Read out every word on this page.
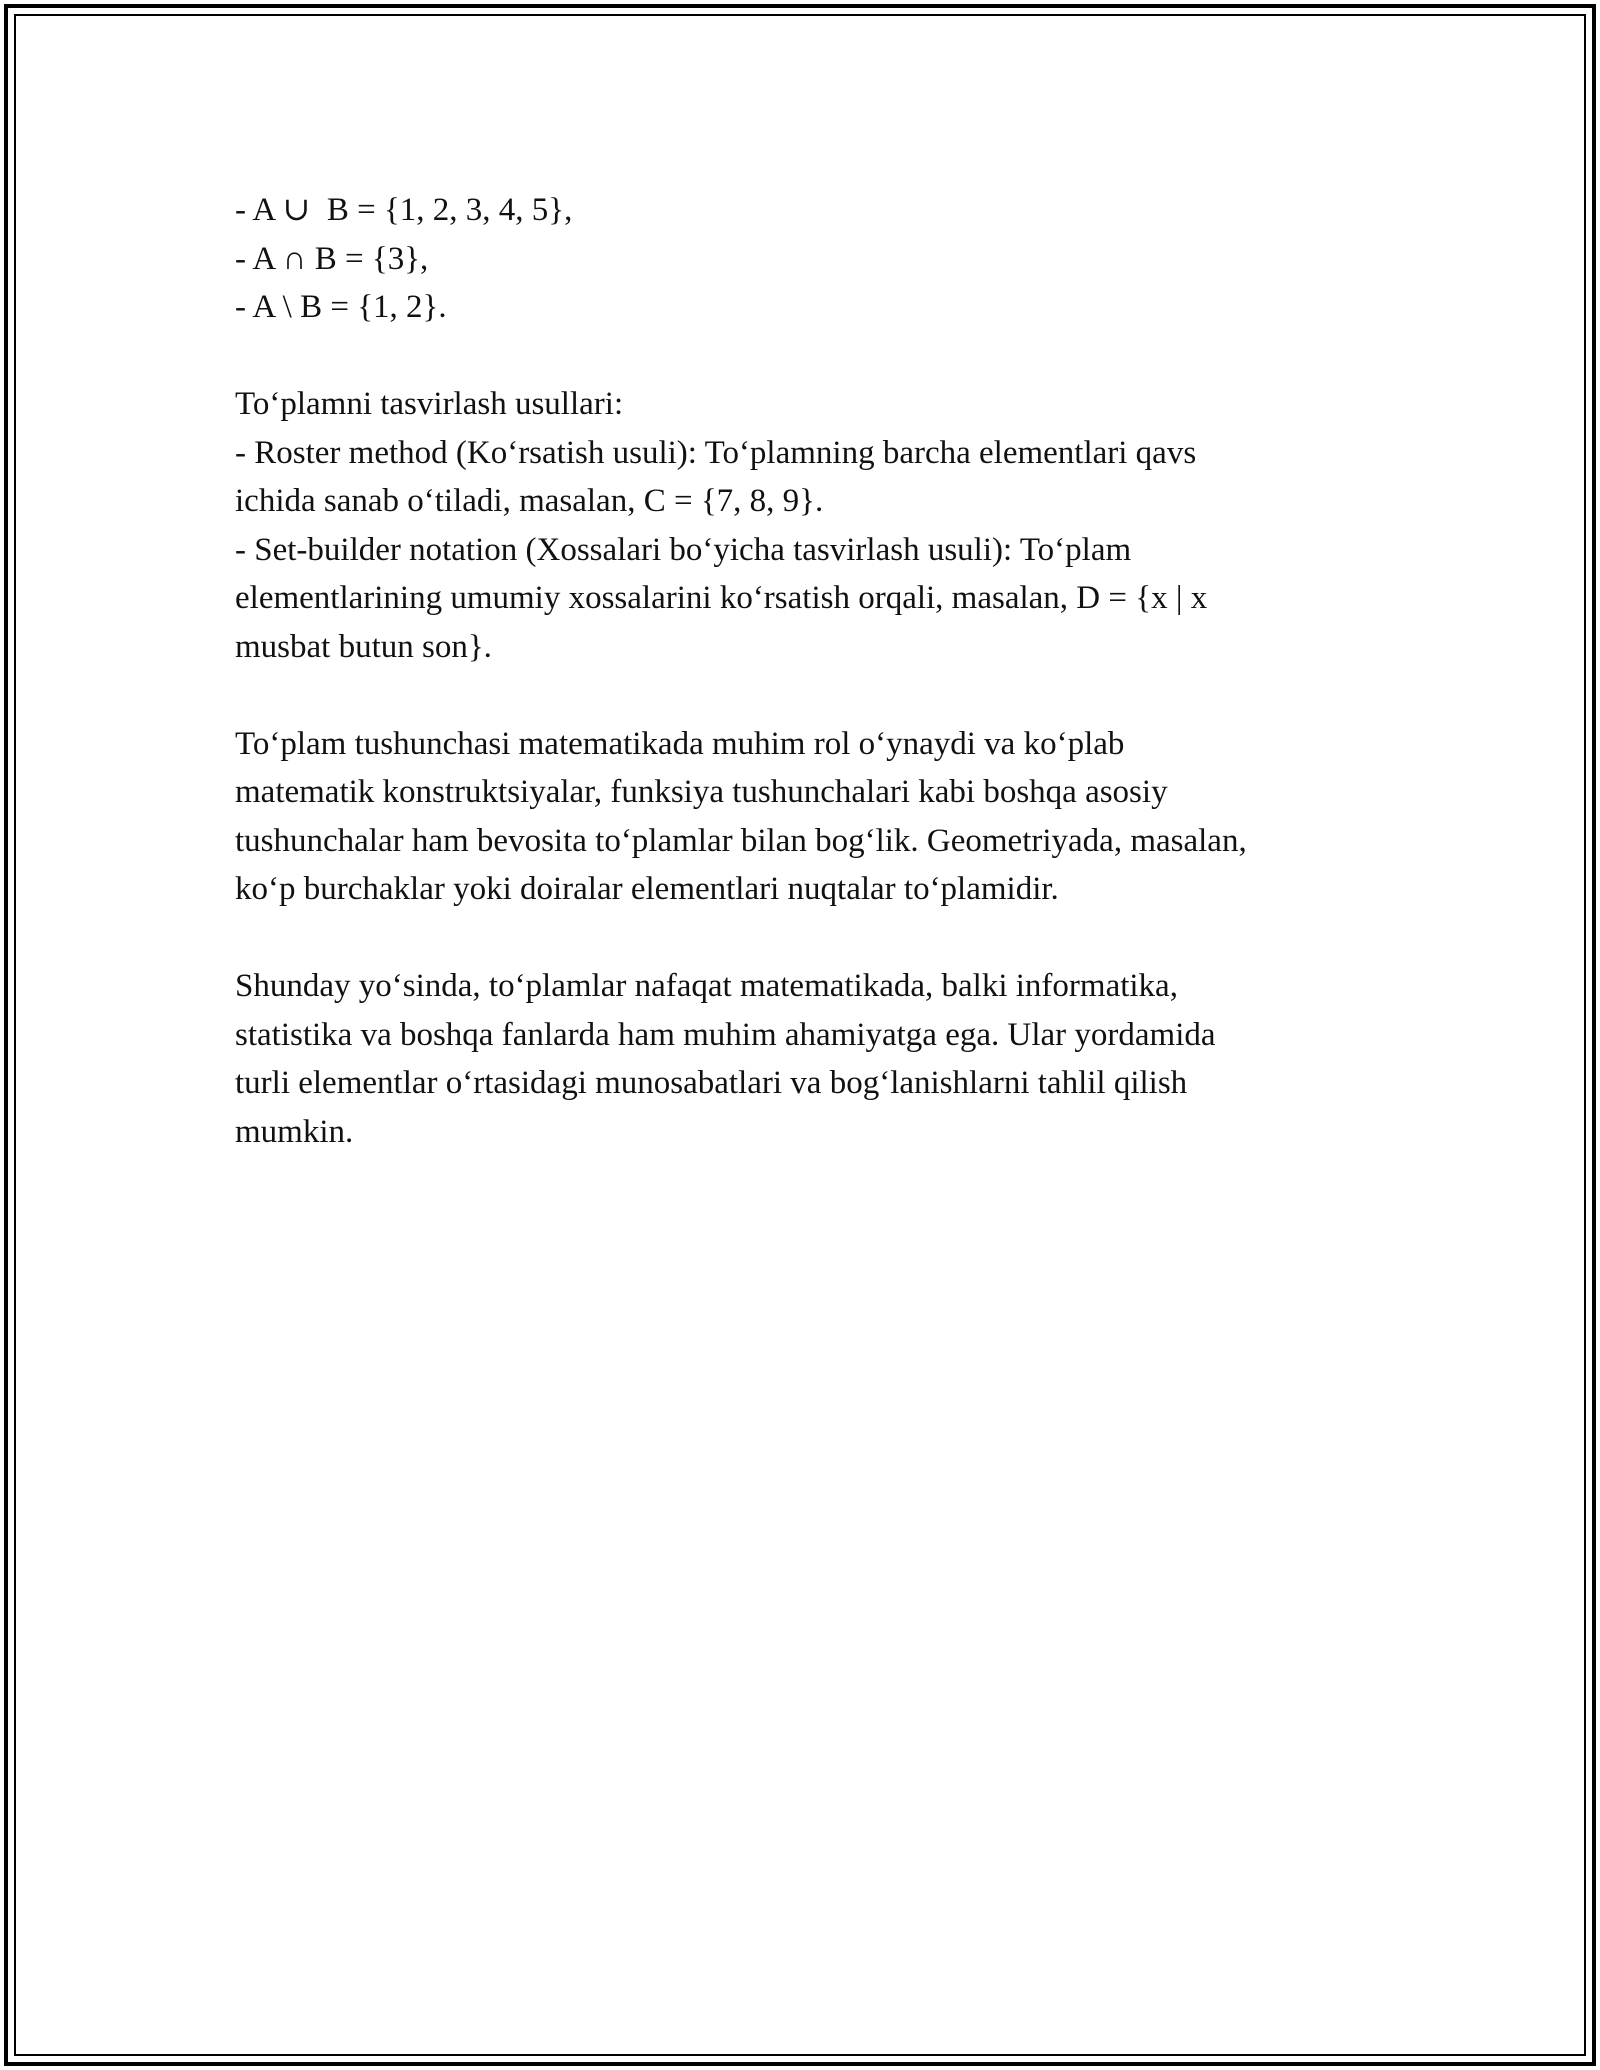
- A ∪  B = {1, 2, 3, 4, 5},
- A ∩ B = {3},
- A \ B = {1, 2}.
To‘plamni tasvirlash usullari:
- Roster method (Ko‘rsatish usuli): To‘plamning barcha elementlari qavs
ichida sanab o‘tiladi, masalan, C = {7, 8, 9}.
- Set-builder notation (Xossalari bo‘yicha tasvirlash usuli): To‘plam
elementlarining umumiy xossalarini ko‘rsatish orqali, masalan, D = {x | x
musbat butun son}.
To‘plam tushunchasi matematikada muhim rol o‘ynaydi va ko‘plab
matematik konstruktsiyalar, funksiya tushunchalari kabi boshqa asosiy
tushunchalar ham bevosita to‘plamlar bilan bog‘lik. Geometriyada, masalan,
ko‘p burchaklar yoki doiralar elementlari nuqtalar to‘plamidir.
Shunday yo‘sinda, to‘plamlar nafaqat matematikada, balki informatika,
statistika va boshqa fanlarda ham muhim ahamiyatga ega. Ular yordamida
turli elementlar o‘rtasidagi munosabatlari va bog‘lanishlarni tahlil qilish
mumkin.
